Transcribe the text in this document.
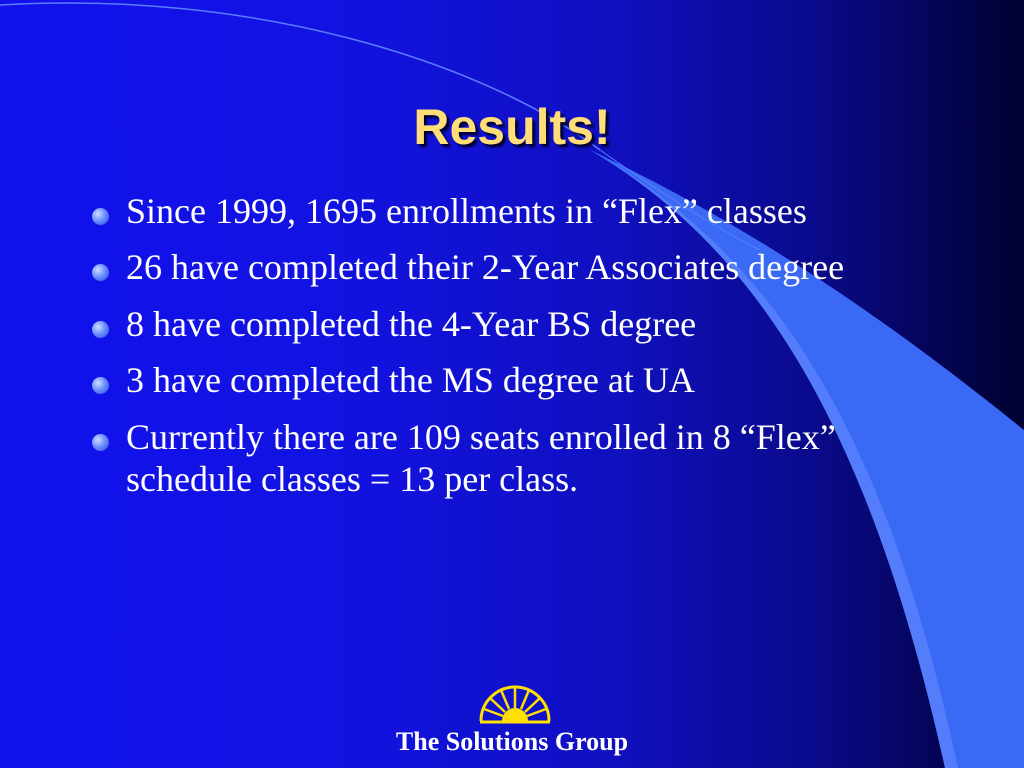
Results!
Since 1999, 1695 enrollments in “Flex” classes
26 have completed their 2-Year Associates degree
8 have completed the 4-Year BS degree
3 have completed the MS degree at UA
Currently there are 109 seats enrolled in 8 “Flex” schedule classes = 13 per class.
The Solutions Group
